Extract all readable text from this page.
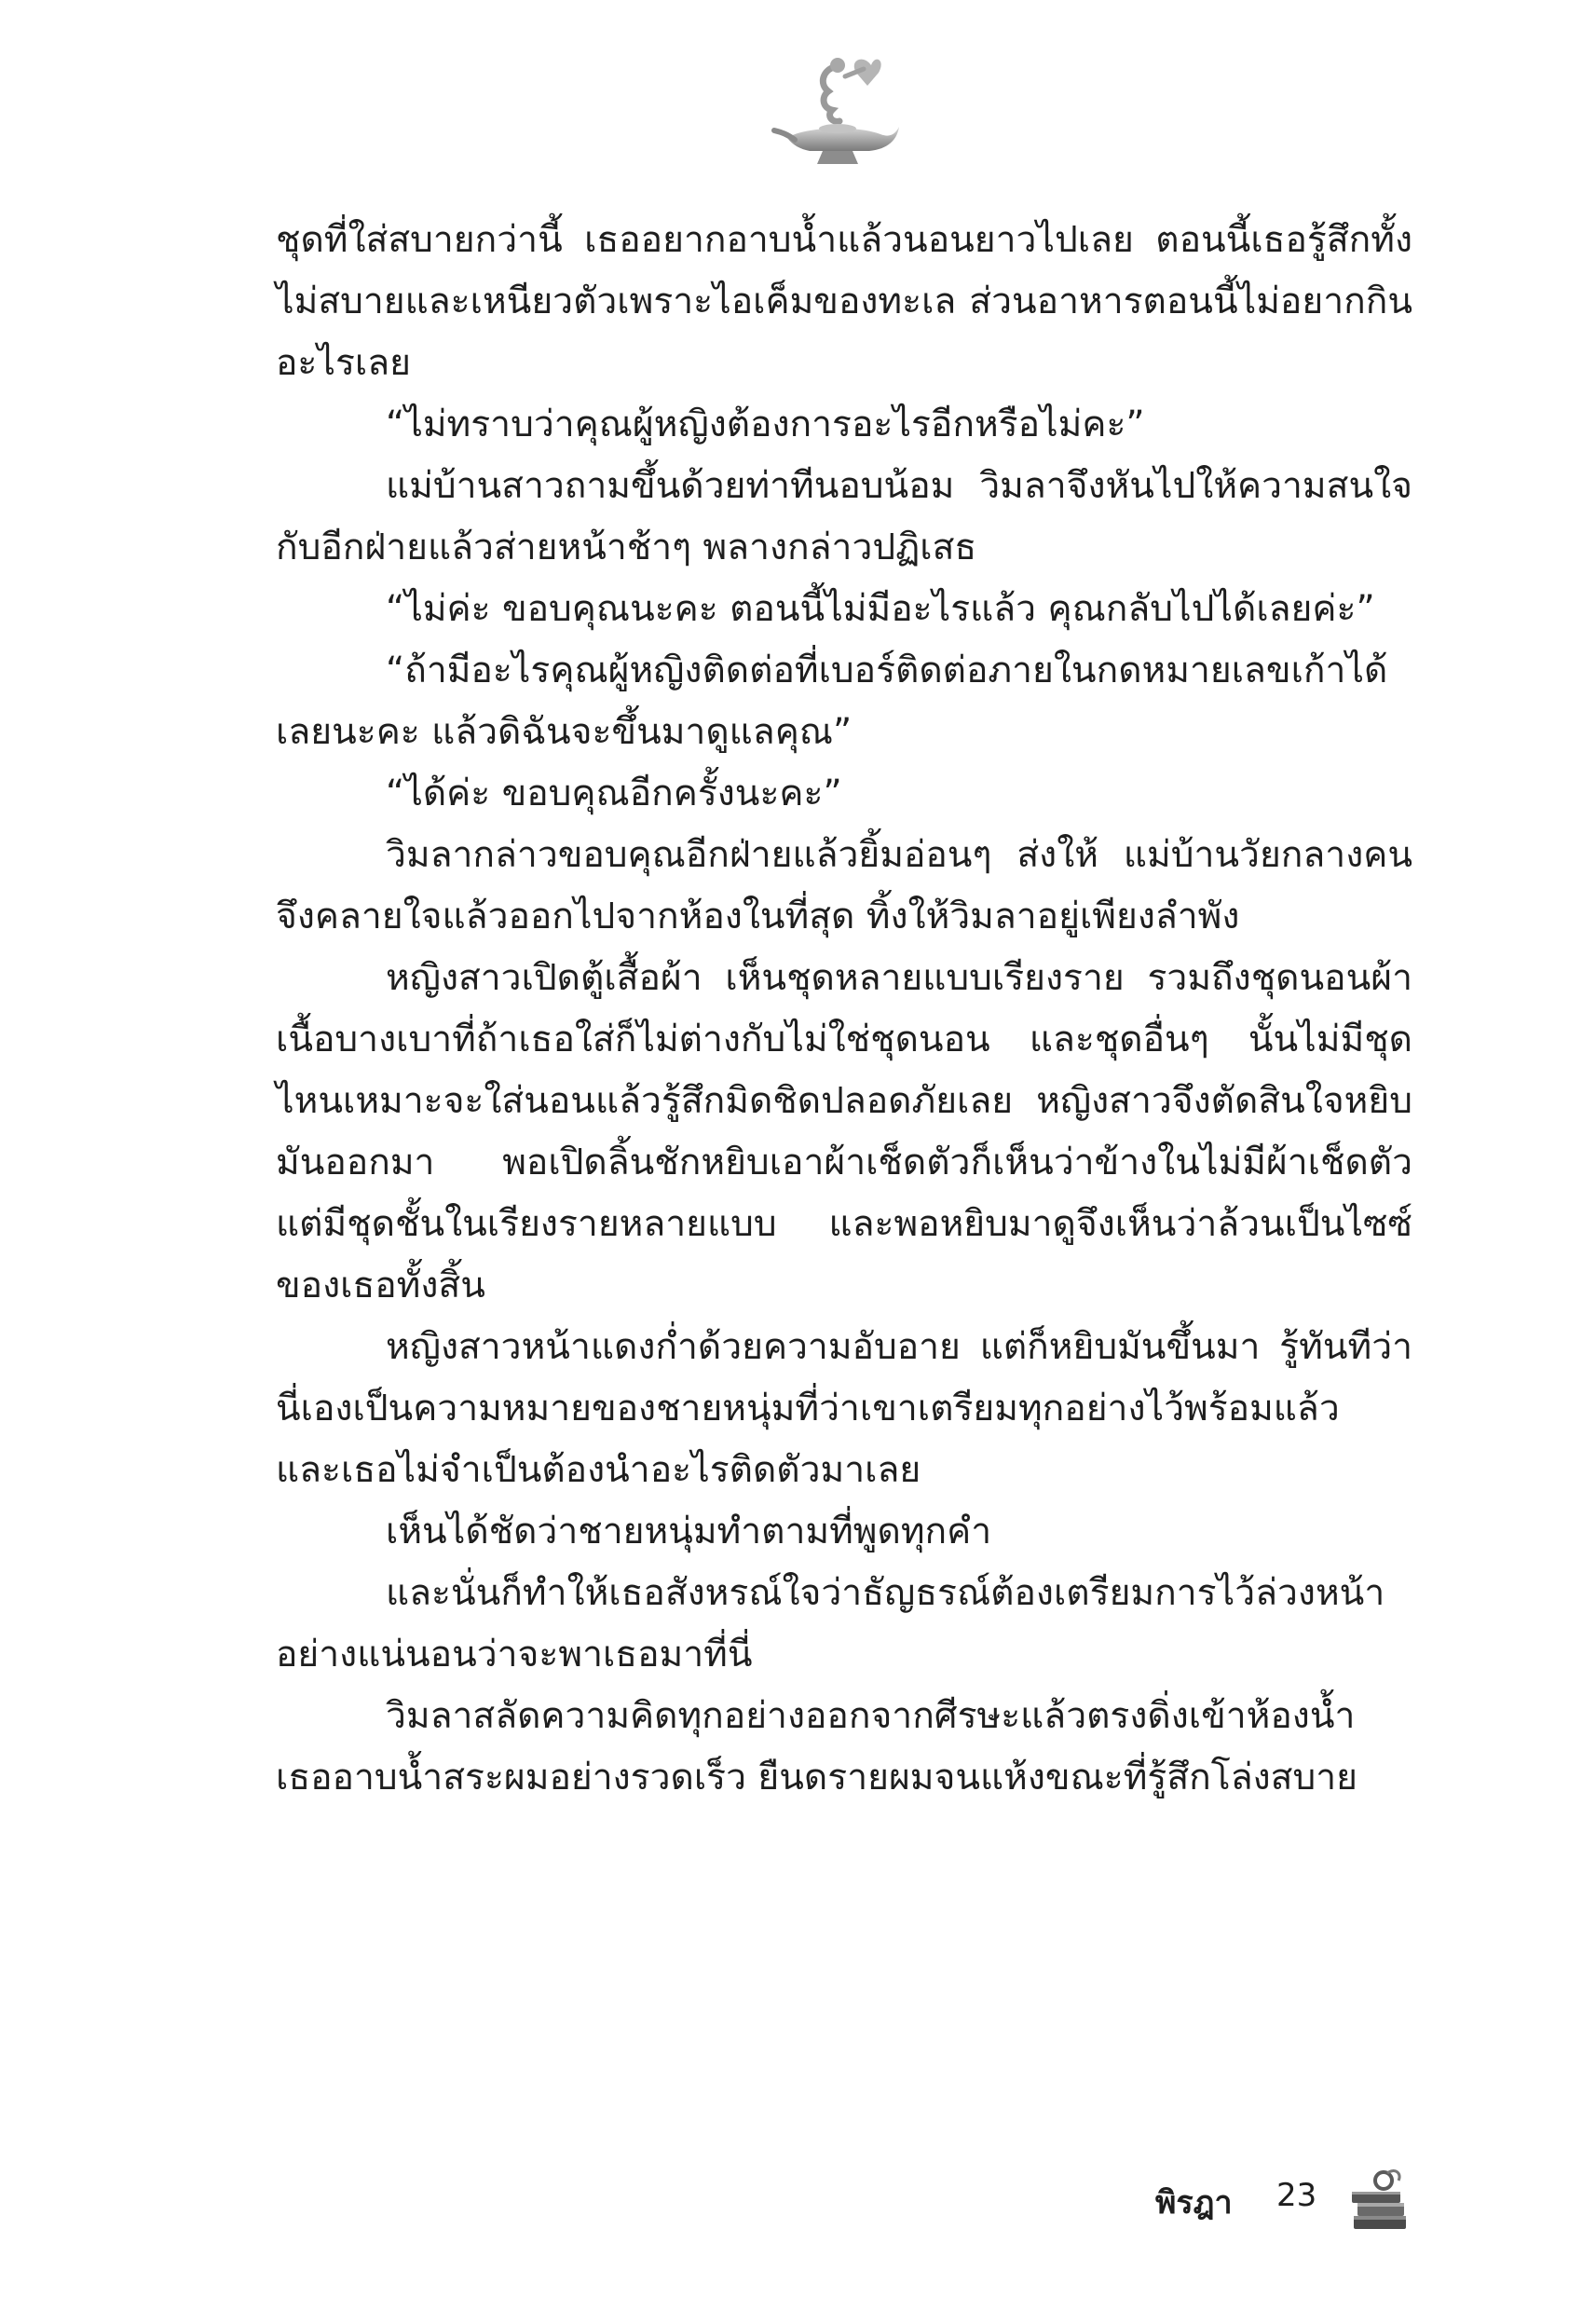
ชุดที่ใส่สบายกว่านี้ เธออยากอาบน้ำแล้วนอนยาวไปเลย ตอนนี้เธอรู้สึกทั้งไม่สบายและเหนียวตัวเพราะไอเค็มของทะเล ส่วนอาหารตอนนี้ไม่อยากกินอะไรเลย

“ไม่ทราบว่าคุณผู้หญิงต้องการอะไรอีกหรือไม่คะ”

แม่บ้านสาวถามขึ้นด้วยท่าทีนอบน้อม วิมลาจึงหันไปให้ความสนใจกับอีกฝ่ายแล้วส่ายหน้าช้าๆ พลางกล่าวปฏิเสธ

“ไม่ค่ะ ขอบคุณนะคะ ตอนนี้ไม่มีอะไรแล้ว คุณกลับไปได้เลยค่ะ”

“ถ้ามีอะไรคุณผู้หญิงติดต่อที่เบอร์ติดต่อภายในกดหมายเลขเก้าได้เลยนะคะ แล้วดิฉันจะขึ้นมาดูแลคุณ”

“ได้ค่ะ ขอบคุณอีกครั้งนะคะ”

วิมลากล่าวขอบคุณอีกฝ่ายแล้วยิ้มอ่อนๆ ส่งให้ แม่บ้านวัยกลางคนจึงคลายใจแล้วออกไปจากห้องในที่สุด ทิ้งให้วิมลาอยู่เพียงลำพัง

หญิงสาวเปิดตู้เสื้อผ้า เห็นชุดหลายแบบเรียงราย รวมถึงชุดนอนผ้าเนื้อบางเบาที่ถ้าเธอใส่ก็ไม่ต่างกับไม่ใช่ชุดนอน และชุดอื่นๆ นั้นไม่มีชุดไหนเหมาะจะใส่นอนแล้วรู้สึกมิดชิดปลอดภัยเลย หญิงสาวจึงตัดสินใจหยิบมันออกมา พอเปิดลิ้นชักหยิบเอาผ้าเช็ดตัวก็เห็นว่าข้างในไม่มีผ้าเช็ดตัว แต่มีชุดชั้นในเรียงรายหลายแบบ และพอหยิบมาดูจึงเห็นว่าล้วนเป็นไซซ์ของเธอทั้งสิ้น

หญิงสาวหน้าแดงก่ำด้วยความอับอาย แต่ก็หยิบมันขึ้นมา รู้ทันทีว่านี่เองเป็นความหมายของชายหนุ่มที่ว่าเขาเตรียมทุกอย่างไว้พร้อมแล้ว และเธอไม่จำเป็นต้องนำอะไรติดตัวมาเลย

เห็นได้ชัดว่าชายหนุ่มทำตามที่พูดทุกคำ

และนั่นก็ทำให้เธอสังหรณ์ใจว่าธัญธรณ์ต้องเตรียมการไว้ล่วงหน้าอย่างแน่นอนว่าจะพาเธอมาที่นี่

วิมลาสลัดความคิดทุกอย่างออกจากศีรษะแล้วตรงดิ่งเข้าห้องน้ำ เธออาบน้ำสระผมอย่างรวดเร็ว ยืนดรายผมจนแห้งขณะที่รู้สึกโล่งสบาย

พิรฎา 23
